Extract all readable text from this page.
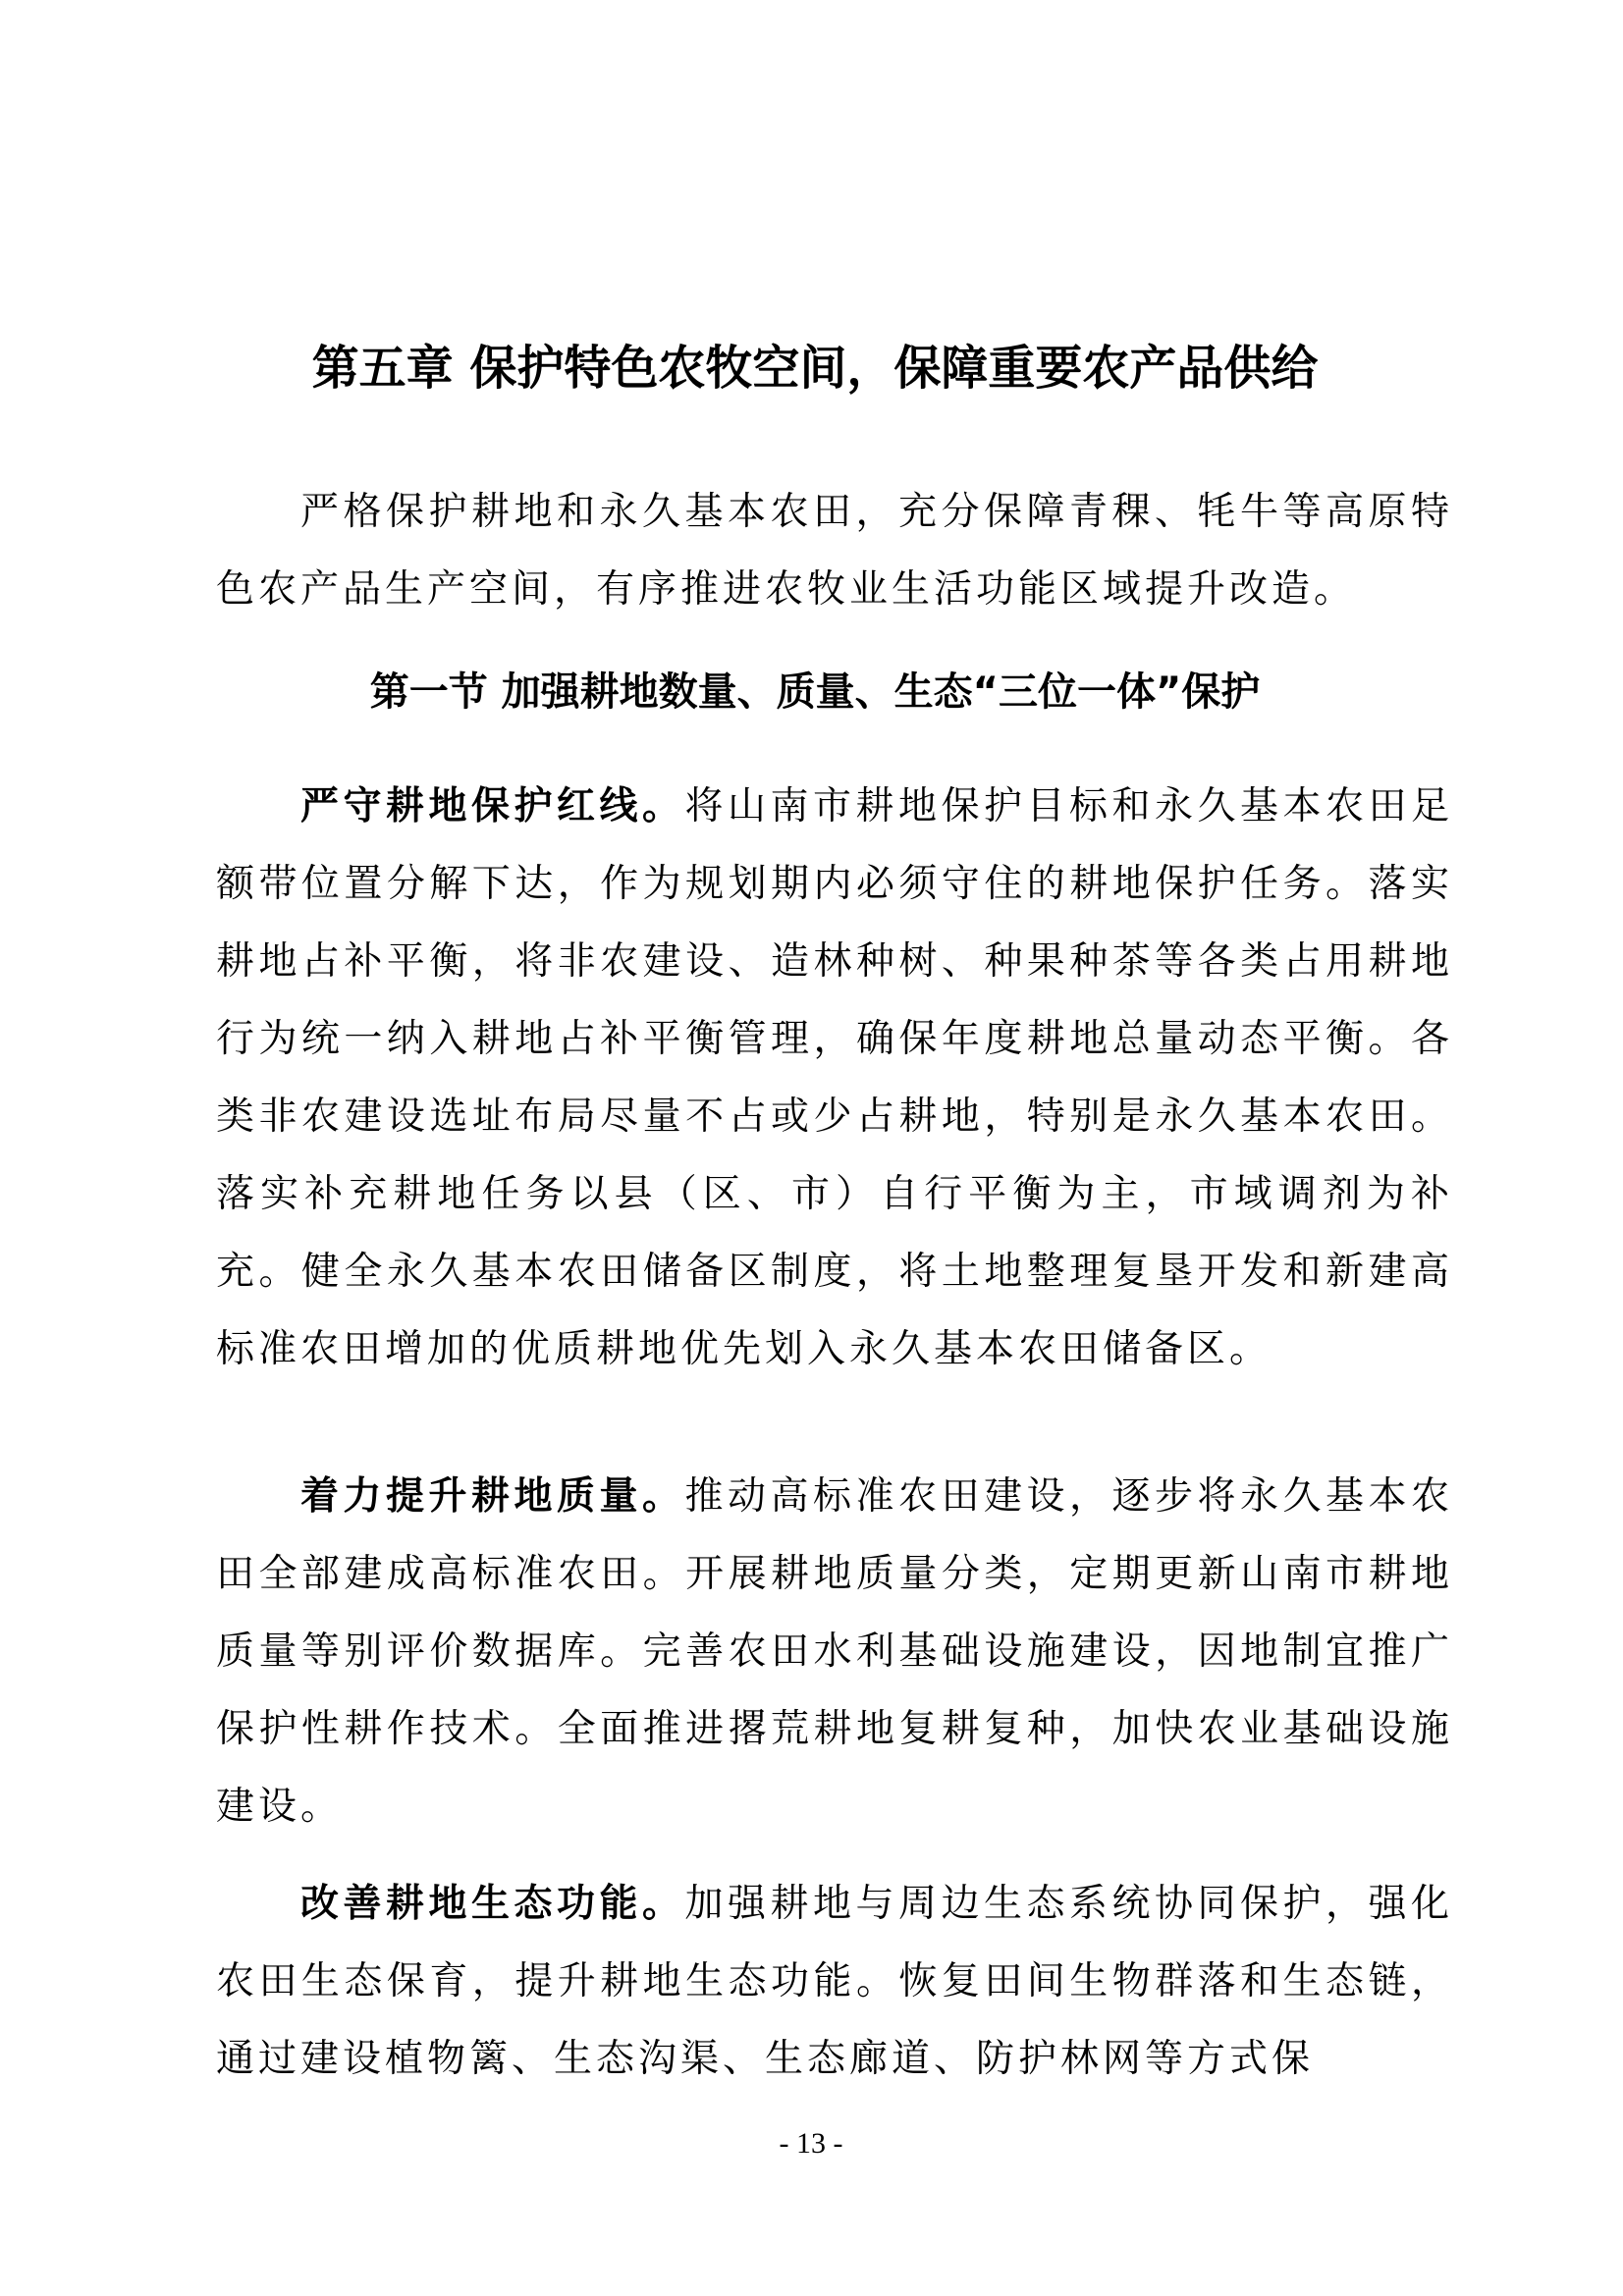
第五章 保护特色农牧空间，保障重要农产品供给

严格保护耕地和永久基本农田，充分保障青稞、牦牛等高原特色农产品生产空间，有序推进农牧业生活功能区域提升改造。

第一节 加强耕地数量、质量、生态“三位一体”保护

严守耕地保护红线。将山南市耕地保护目标和永久基本农田足额带位置分解下达，作为规划期内必须守住的耕地保护任务。落实耕地占补平衡，将非农建设、造林种树、种果种茶等各类占用耕地行为统一纳入耕地占补平衡管理，确保年度耕地总量动态平衡。各类非农建设选址布局尽量不占或少占耕地，特别是永久基本农田。落实补充耕地任务以县（区、市）自行平衡为主，市域调剂为补充。健全永久基本农田储备区制度，将土地整理复垦开发和新建高标准农田增加的优质耕地优先划入永久基本农田储备区。

着力提升耕地质量。推动高标准农田建设，逐步将永久基本农田全部建成高标准农田。开展耕地质量分类，定期更新山南市耕地质量等别评价数据库。完善农田水利基础设施建设，因地制宜推广保护性耕作技术。全面推进撂荒耕地复耕复种，加快农业基础设施建设。

改善耕地生态功能。加强耕地与周边生态系统协同保护，强化农田生态保育，提升耕地生态功能。恢复田间生物群落和生态链，通过建设植物篱、生态沟渠、生态廊道、防护林网等方式保

- 13 -
